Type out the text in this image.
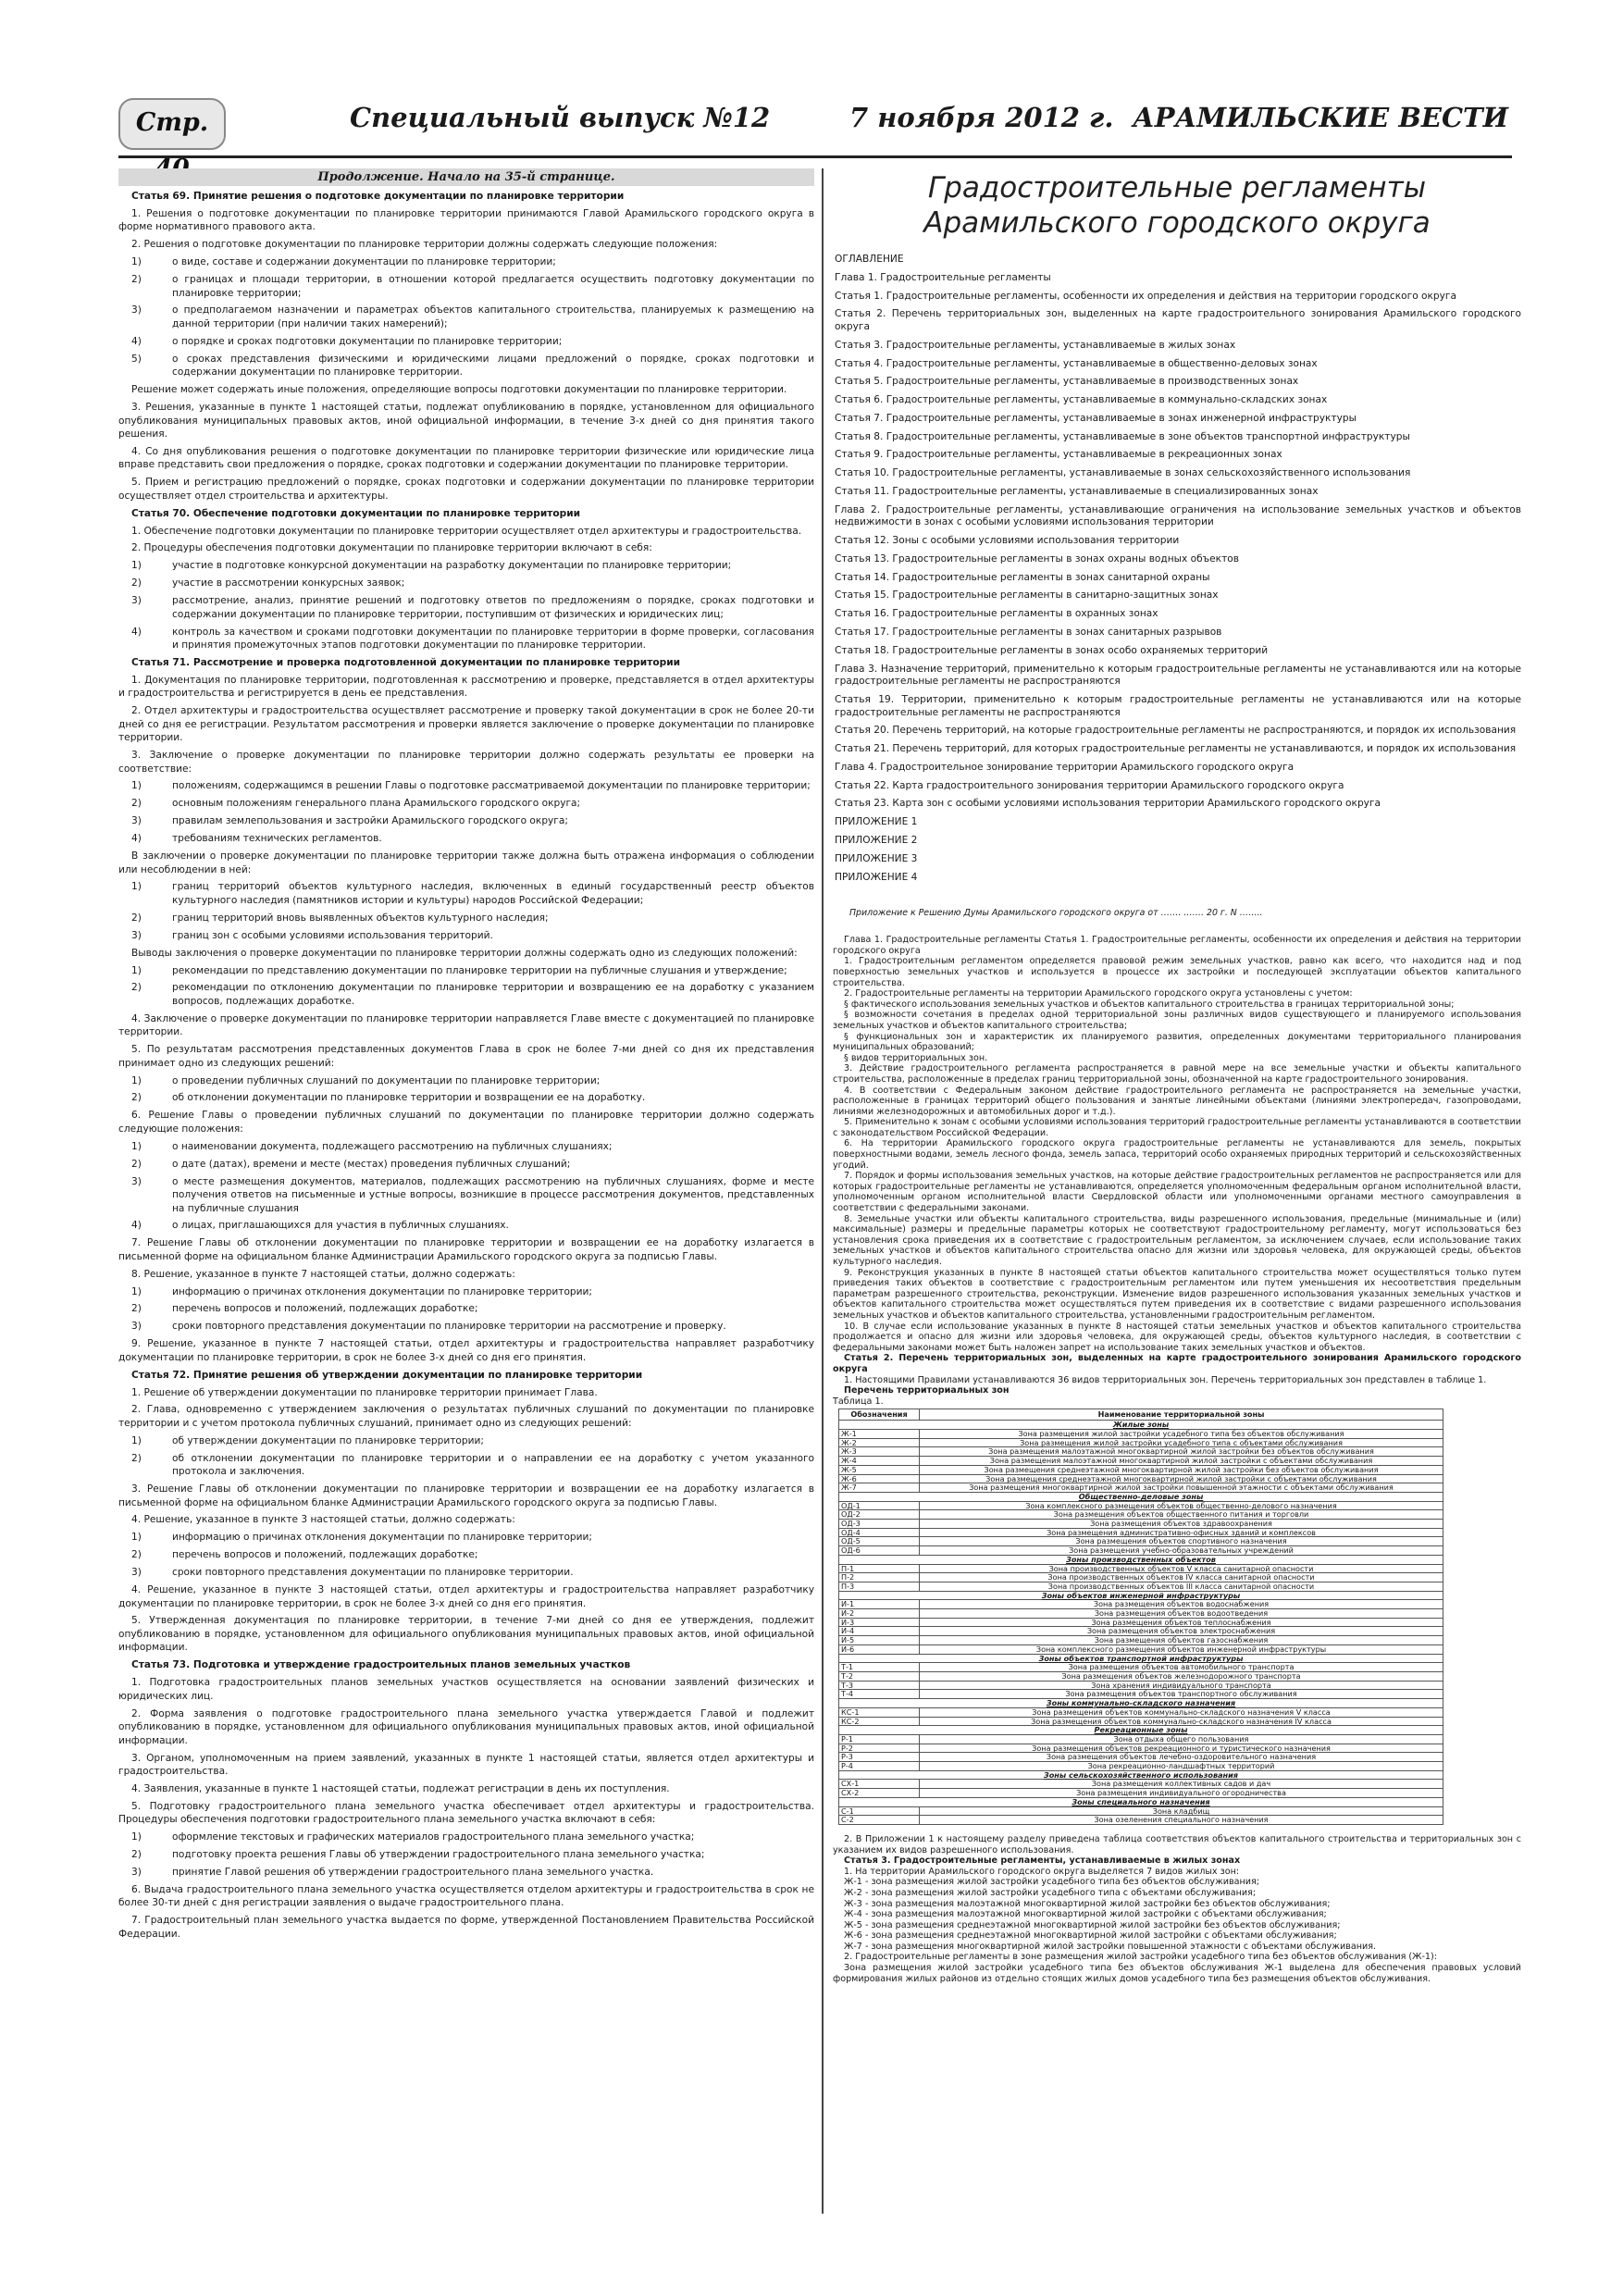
Стр.	Специальный выпуск №12	7 ноября 2012 г. АРАМИЛЬСКИЕ ВЕСТИ
Продолжение. Начало на 35-й странице.
Статья 69. Принятие решения о подготовке документации по планировке территории
1. Решения о подготовке документации по планировке территории принимаются Главой Арамильского городского округа в форме нормативного правового акта.
2. Решения о подготовке документации по планировке территории должны содержать следующие положения:
1)	о виде, составе и содержании документации по планировке территории;
2)	о границах и площади территории, в отношении которой предлагается осуществить подготовку документации по планировке территории;
3)	о предполагаемом назначении и параметрах объектов капитального строительства, планируемых к размещению на данной территории (при наличии таких намерений);
4)	о порядке и сроках подготовки документации по планировке территории;
5)	о сроках представления физическими и юридическими лицами предложений о порядке, сроках подготовки и содержании документации по планировке территории.
Решение может содержать иные положения, определяющие вопросы подготовки документации по планировке территории.
3. Решения, указанные в пункте 1 настоящей статьи, подлежат опубликованию в порядке, установленном для официального опубликования муниципальных правовых актов, иной официальной информации, в течение 3-х дней со дня принятия такого решения.
4. Со дня опубликования решения о подготовке документации по планировке территории физические или юридические лица вправе представить свои предложения о порядке, сроках подготовки и содержании документации по планировке территории.
5. Прием и регистрацию предложений о порядке, сроках подготовки и содержании документации по планировке территории осуществляет отдел строительства и архитектуры.
Статья 70. Обеспечение подготовки документации по планировке территории
1. Обеспечение подготовки документации по планировке территории осуществляет отдел архитектуры и градостроительства.
2. Процедуры обеспечения подготовки документации по планировке территории включают в себя:
1)	участие в подготовке конкурсной документации на разработку документации по планировке территории;
2)	участие в рассмотрении конкурсных заявок;
3)	рассмотрение, анализ, принятие решений и подготовку ответов по предложениям о порядке, сроках подготовки и содержании документации по планировке территории, поступившим от физических и юридических лиц;
4)	контроль за качеством и сроками подготовки документации по планировке территории в форме проверки, согласования и принятия промежуточных этапов подготовки документации по планировке территории.
Статья 71. Рассмотрение и проверка подготовленной документации по планировке территории
1. Документация по планировке территории, подготовленная к рассмотрению и проверке, представляется в отдел архитектуры и градостроительства и регистрируется в день ее представления.
2. Отдел архитектуры и градостроительства осуществляет рассмотрение и проверку такой документации в срок не более 20-ти дней со дня ее регистрации. Результатом рассмотрения и проверки является заключение о проверке документации по планировке территории.
3. Заключение о проверке документации по планировке территории должно содержать результаты ее проверки на соответствие:
1)	положениям, содержащимся в решении Главы о подготовке рассматриваемой документации по планировке территории;
2)	основным положениям генерального плана Арамильского городского округа;
3)	правилам землепользования и застройки Арамильского городского округа;
4)	требованиям технических регламентов.
В заключении о проверке документации по планировке территории также должна быть отражена информация о соблюдении или несоблюдении в ней:
1)	границ территорий объектов культурного наследия, включенных в единый государственный реестр объектов культурного наследия (памятников истории и культуры) народов Российской Федерации;
2)	границ территорий вновь выявленных объектов культурного наследия;
3)	границ зон с особыми условиями использования территорий.
Выводы заключения о проверке документации по планировке территории должны содержать одно из следующих положений:
1)	рекомендации по представлению документации по планировке территории на публичные слушания и утверждение;
2)	рекомендации по отклонению документации по планировке территории и возвращению ее на доработку с указанием вопросов, подлежащих доработке.
4. Заключение о проверке документации по планировке территории направляется Главе вместе с документацией по планировке территории.
5. По результатам рассмотрения представленных документов Глава в срок не более 7-ми дней со дня их представления принимает одно из следующих решений:
1)	о проведении публичных слушаний по документации по планировке территории;
2)	об отклонении документации по планировке территории и возвращении ее на доработку.
6. Решение Главы о проведении публичных слушаний по документации по планировке территории должно содержать следующие положения:
1)	о наименовании документа, подлежащего рассмотрению на публичных слушаниях;
2)	о дате (датах), времени и месте (местах) проведения публичных слушаний;
3)	о месте размещения документов, материалов, подлежащих рассмотрению на публичных слушаниях, форме и месте получения ответов на письменные и устные вопросы, возникшие в процессе рассмотрения документов, представленных на публичные слушания
4)	о лицах, приглашающихся для участия в публичных слушаниях.
7. Решение Главы об отклонении документации по планировке территории и возвращении ее на доработку излагается в письменной форме на официальном бланке Администрации Арамильского городского округа за подписью Главы.
8. Решение, указанное в пункте 7 настоящей статьи, должно содержать:
1)	информацию о причинах отклонения документации по планировке территории;
2)	перечень вопросов и положений, подлежащих доработке;
3)	сроки повторного представления документации по планировке территории на рассмотрение и проверку.
9. Решение, указанное в пункте 7 настоящей статьи, отдел архитектуры и градостроительства направляет разработчику документации по планировке территории, в срок не более 3-х дней со дня его принятия.
Статья 72. Принятие решения об утверждении документации по планировке территории
1. Решение об утверждении документации по планировке территории принимает Глава.
2. Глава, одновременно с утверждением заключения о результатах публичных слушаний по документации по планировке территории и с учетом протокола публичных слушаний, принимает одно из следующих решений:
1)	об утверждении документации по планировке территории;
2)	об отклонении документации по планировке территории и о направлении ее на доработку с учетом указанного протокола и заключения.
3. Решение Главы об отклонении документации по планировке территории и возвращении ее на доработку излагается в письменной форме на официальном бланке Администрации Арамильского городского округа за подписью Главы.
4. Решение, указанное в пункте 3 настоящей статьи, должно содержать:
1)	информацию о причинах отклонения документации по планировке территории;
2)	перечень вопросов и положений, подлежащих доработке;
3)	сроки повторного представления документации по планировке территории.
4. Решение, указанное в пункте 3 настоящей статьи, отдел архитектуры и градостроительства направляет разработчику документации по планировке территории, в срок не более 3-х дней со дня его принятия.
5. Утвержденная документация по планировке территории, в течение 7-ми дней со дня ее утверждения, подлежит опубликованию в порядке, установленном для официального опубликования муниципальных правовых актов, иной официальной информации.
Статья 73. Подготовка и утверждение градостроительных планов земельных участков
1. Подготовка градостроительных планов земельных участков осуществляется на основании заявлений физических и юридических лиц.
2. Форма заявления о подготовке градостроительного плана земельного участка утверждается Главой и подлежит опубликованию в порядке, установленном для официального опубликования муниципальных правовых актов, иной официальной информации.
3. Органом, уполномоченным на прием заявлений, указанных в пункте 1 настоящей статьи, является отдел архитектуры и градостроительства.
4. Заявления, указанные в пункте 1 настоящей статьи, подлежат регистрации в день их поступления.
5. Подготовку градостроительного плана земельного участка обеспечивает отдел архитектуры и градостроительства. Процедуры обеспечения подготовки градостроительного плана земельного участка включают в себя:
1)	оформление текстовых и графических материалов градостроительного плана земельного участка;
2)	подготовку проекта решения Главы об утверждении градостроительного плана земельного участка;
3)	принятие Главой решения об утверждении градостроительного плана земельного участка.
6. Выдача градостроительного плана земельного участка осуществляется отделом архитектуры и градостроительства в срок не более 30-ти дней с дня регистрации заявления о выдаче градостроительного плана.
7. Градостроительный план земельного участка выдается по форме, утвержденной Постановлением Правительства Российской Федерации.
Градостроительные регламенты
Арамильского городского округа
ОГЛАВЛЕНИЕ
Глава 1. Градостроительные регламенты
Статья 1. Градостроительные регламенты, особенности их определения и действия на территории городского округа
Статья 2. Перечень территориальных зон, выделенных на карте градостроительного зонирования Арамильского городского округа
Статья 3. Градостроительные регламенты, устанавливаемые в жилых зонах
Статья 4. Градостроительные регламенты, устанавливаемые в общественно-деловых зонах
Статья 5. Градостроительные регламенты, устанавливаемые в производственных зонах
Статья 6. Градостроительные регламенты, устанавливаемые в коммунально-складских зонах
Статья 7. Градостроительные регламенты, устанавливаемые в зонах инженерной инфраструктуры
Статья 8. Градостроительные регламенты, устанавливаемые в зоне объектов транспортной инфраструктуры
Статья 9. Градостроительные регламенты, устанавливаемые в рекреационных зонах
Статья 10. Градостроительные регламенты, устанавливаемые в зонах сельскохозяйственного использования
Статья 11. Градостроительные регламенты, устанавливаемые в специализированных зонах
Глава 2. Градостроительные регламенты, устанавливающие ограничения на использование земельных участков и объектов недвижимости в зонах с особыми условиями использования территории
Статья 12. Зоны с особыми условиями использования территории
Статья 13. Градостроительные регламенты в зонах охраны водных объектов
Статья 14. Градостроительные регламенты в зонах санитарной охраны
Статья 15. Градостроительные регламенты в санитарно-защитных зонах
Статья 16. Градостроительные регламенты в охранных зонах
Статья 17. Градостроительные регламенты в зонах санитарных разрывов
Статья 18. Градостроительные регламенты в зонах особо охраняемых территорий
Глава 3. Назначение территорий, применительно к которым градостроительные регламенты не устанавливаются или на которые градостроительные регламенты не распространяются
Статья 19. Территории, применительно к которым градостроительные регламенты не устанавливаются или на которые градостроительные регламенты не распространяются
Статья 20. Перечень территорий, на которые градостроительные регламенты не распространяются, и порядок их использования
Статья 21. Перечень территорий, для которых градостроительные регламенты не устанавливаются, и порядок их использования
Глава 4. Градостроительное зонирование территории Арамильского городского округа
Статья 22. Карта градостроительного зонирования территории Арамильского городского округа
Статья 23. Карта зон с особыми условиями использования территории Арамильского городского округа
ПРИЛОЖЕНИЕ 1
ПРИЛОЖЕНИЕ 2
ПРИЛОЖЕНИЕ 3
ПРИЛОЖЕНИЕ 4
Приложение к Решению Думы Арамильского городского округа от ……. ……. 20 г. N ……..
Глава 1. Градостроительные регламенты Статья 1. Градостроительные регламенты, особенности их определения и действия на территории городского округа
1. Градостроительным регламентом определяется правовой режим земельных участков, равно как всего, что находится над и под поверхностью земельных участков и используется в процессе их застройки и последующей эксплуатации объектов капитального строительства.
2. Градостроительные регламенты на территории Арамильского городского округа установлены с учетом:
§ фактического использования земельных участков и объектов капитального строительства в границах территориальной зоны;
§ возможности сочетания в пределах одной территориальной зоны различных видов существующего и планируемого использования земельных участков и объектов капитального строительства;
§ функциональных зон и характеристик их планируемого развития, определенных документами территориального планирования муниципальных образований;
§ видов территориальных зон.
3. Действие градостроительного регламента распространяется в равной мере на все земельные участки и объекты капитального строительства, расположенные в пределах границ территориальной зоны, обозначенной на карте градостроительного зонирования.
4. В соответствии с Федеральным законом действие градостроительного регламента не распространяется на земельные участки, расположенные в границах территорий общего пользования и занятые линейными объектами (линиями электропередач, газопроводами, линиями железнодорожных и автомобильных дорог и т.д.).
5. Применительно к зонам с особыми условиями использования территорий градостроительные регламенты устанавливаются в соответствии с законодательством Российской Федерации.
6. На территории Арамильского городского округа градостроительные регламенты не устанавливаются для земель, покрытых поверхностными водами, земель лесного фонда, земель запаса, территорий особо охраняемых природных территорий и сельскохозяйственных угодий.
7. Порядок и формы использования земельных участков, на которые действие градостроительных регламентов не распространяется или для которых градостроительные регламенты не устанавливаются, определяется уполномоченным федеральным органом исполнительной власти, уполномоченным органом исполнительной власти Свердловской области или уполномоченными органами местного самоуправления в соответствии с федеральными законами.
8. Земельные участки или объекты капитального строительства, виды разрешенного использования, предельные (минимальные и (или) максимальные) размеры и предельные параметры которых не соответствуют градостроительному регламенту, могут использоваться без установления срока приведения их в соответствие с градостроительным регламентом, за исключением случаев, если использование таких земельных участков и объектов капитального строительства опасно для жизни или здоровья человека, для окружающей среды, объектов культурного наследия.
9. Реконструкция указанных в пункте 8 настоящей статьи объектов капитального строительства может осуществляться только путем приведения таких объектов в соответствие с градостроительным регламентом или путем уменьшения их несоответствия предельным параметрам разрешенного строительства, реконструкции. Изменение видов разрешенного использования указанных земельных участков и объектов капитального строительства может осуществляться путем приведения их в соответствие с видами разрешенного использования земельных участков и объектов капитального строительства, установленными градостроительным регламентом.
10. В случае если использование указанных в пункте 8 настоящей статьи земельных участков и объектов капитального строительства продолжается и опасно для жизни или здоровья человека, для окружающей среды, объектов культурного наследия, в соответствии с федеральными законами может быть наложен запрет на использование таких земельных участков и объектов.
Статья 2. Перечень территориальных зон, выделенных на карте градостроительного зонирования Арамильского городского округа
1. Настоящими Правилами устанавливаются 36 видов территориальных зон. Перечень территориальных зон представлен в таблице 1.
Перечень территориальных зон
Таблица 1.
Обозначения	Наименование территориальной зоны
Жилые зоны	
Ж-1	Зона размещения жилой застройки усадебного типа без объектов обслуживания
Ж-2	Зона размещения жилой застройки усадебного типа с объектами обслуживания
Ж-3	Зона размещения малоэтажной многоквартирной жилой застройки без объектов обслуживания
Ж-4	Зона размещения малоэтажной многоквартирной жилой застройки с объектами обслуживания
Ж-5	Зона размещения среднеэтажной многоквартирной жилой застройки без объектов обслуживания
Ж-6	Зона размещения среднеэтажной многоквартирной жилой застройки с объектами обслуживания
Ж-7	Зона размещения многоквартирной жилой застройки повышенной этажности с объектами обслуживания
Общественно-деловые зоны	
ОД-1	Зона комплексного размещения объектов общественно-делового назначения
ОД-2	Зона размещения объектов общественного питания и торговли
ОД-3	Зона размещения объектов здравоохранения
ОД-4	Зона размещения административно-офисных зданий и комплексов
ОД-5	Зона размещения объектов спортивного назначения
ОД-6	Зона размещения учебно-образовательных учреждений
Зоны производственных объектов	
П-1	Зона производственных объектов V класса санитарной опасности
П-2	Зона производственных объектов IV класса санитарной опасности
П-3	Зона производственных объектов III класса санитарной опасности
Зоны объектов инженерной инфраструктуры	
И-1	Зона размещения объектов водоснабжения
И-2	Зона размещения объектов водоотведения
И-3	Зона размещения объектов теплоснабжения
И-4	Зона размещения объектов электроснабжения
И-5	Зона размещения объектов газоснабжения
И-6	Зона комплексного размещения объектов инженерной инфраструктуры
Зоны объектов транспортной инфраструктуры	
Т-1	Зона размещения объектов автомобильного транспорта
Т-2	Зона размещения объектов железнодорожного транспорта
Т-3	Зона хранения индивидуального транспорта
Т-4	Зона размещения объектов транспортного обслуживания
Зоны коммунально-складского назначения	
КС-1	Зона размещения объектов коммунально-складского назначения V класса
КС-2	Зона размещения объектов коммунально-складского назначения IV класса
Рекреационные зоны	
Р-1	Зона отдыха общего пользования
Р-2	Зона размещения объектов рекреационного и туристического назначения
Р-3	Зона размещения объектов лечебно-оздоровительного назначения
Р-4	Зона рекреационно-ландшафтных территорий
Зоны сельскохозяйственного использования	
СХ-1	Зона размещения коллективных садов и дач
СХ-2	Зона размещения индивидуального огородничества
Зоны специального назначения	
С-1	Зона кладбищ
С-2	Зона озеленения специального назначения
2. В Приложении 1 к настоящему разделу приведена таблица соответствия объектов капитального строительства и территориальных зон с указанием их видов разрешенного использования.
Статья 3. Градостроительные регламенты, устанавливаемые в жилых зонах
1. На территории Арамильского городского округа выделяется 7 видов жилых зон:
Ж-1 - зона размещения жилой застройки усадебного типа без объектов обслуживания;
Ж-2 - зона размещения жилой застройки усадебного типа с объектами обслуживания;
Ж-3 - зона размещения малоэтажной многоквартирной жилой застройки без объектов обслуживания;
Ж-4 - зона размещения малоэтажной многоквартирной жилой застройки с объектами обслуживания;
Ж-5 - зона размещения среднеэтажной многоквартирной жилой застройки без объектов обслуживания;
Ж-6 - зона размещения среднеэтажной многоквартирной жилой застройки с объектами обслуживания;
Ж-7 - зона размещения многоквартирной жилой застройки повышенной этажности с объектами обслуживания.
2. Градостроительные регламенты в зоне размещения жилой застройки усадебного типа без объектов обслуживания (Ж-1):
Зона размещения жилой застройки усадебного типа без объектов обслуживания Ж-1 выделена для обеспечения правовых условий формирования жилых районов из отдельно стоящих жилых домов усадебного типа без размещения объектов обслуживания.
